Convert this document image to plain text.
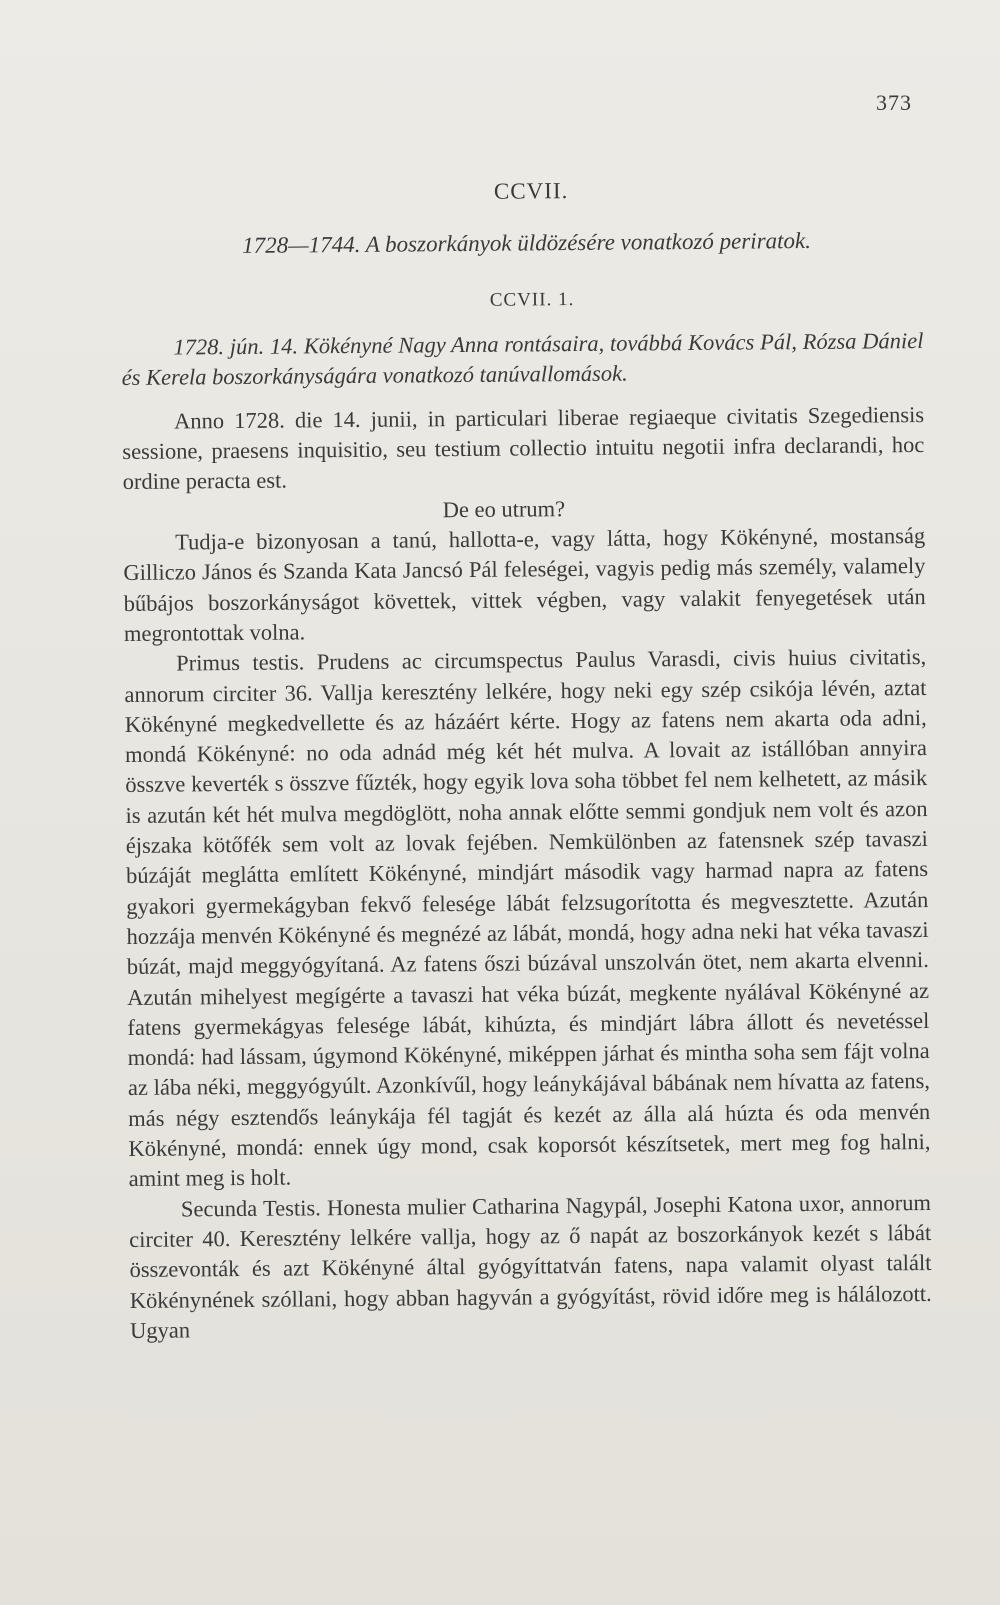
373
CCVII.
1728—1744. A boszorkányok üldözésére vonatkozó periratok.
CCVII. 1.

1728. jún. 14. Kökényné Nagy Anna rontásaira, továbbá Kovács Pál, Rózsa Dániel és Kerela boszorkányságára vonatkozó tanúvallomások.

Anno 1728. die 14. junii, in particulari liberae regiaeque civitatis Szegediensis sessione, praesens inquisitio, seu testium collectio intuitu negotii infra declarandi, hoc ordine peracta est.

De eo utrum?

Tudja-e bizonyosan a tanú, hallotta-e, vagy látta, hogy Kökényné, mostanság Gilliczo János és Szanda Kata Jancsó Pál feleségei, vagyis pedig más személy, valamely bűbájos boszorkányságot követtek, vittek végben, vagy valakit fenyegetések után megrontottak volna.

Primus testis. Prudens ac circumspectus Paulus Varasdi, civis huius civitatis, annorum circiter 36. Vallja keresztény lelkére, hogy neki egy szép csikója lévén, aztat Kökényné megkedvellette és az házáért kérte. Hogy az fatens nem akarta oda adni, mondá Kökényné: no oda adnád még két hét mulva. A lovait az istállóban annyira összve keverték s összve fűzték, hogy egyik lova soha többet fel nem kelhetett, az másik is azután két hét mulva megdöglött, noha annak előtte semmi gondjuk nem volt és azon éjszaka kötőfék sem volt az lovak fejében. Nemkülönben az fatensnek szép tavaszi búzáját meglátta említett Kökényné, mindjárt második vagy harmad napra az fatens gyakori gyermekágyban fekvő felesége lábát felzsugorította és megvesztette. Azután hozzája menvén Kökényné és megnézé az lábát, mondá, hogy adna neki hat véka tavaszi búzát, majd meggyógyítaná. Az fatens őszi búzával unszolván ötet, nem akarta elvenni. Azután mihelyest megígérte a tavaszi hat véka búzát, megkente nyálával Kökényné az fatens gyermekágyas felesége lábát, kihúzta, és mindjárt lábra állott és nevetéssel mondá: had lássam, úgymond Kökényné, miképpen járhat és mintha soha sem fájt volna az lába néki, meggyógyúlt. Azonkívűl, hogy leánykájával bábának nem hívatta az fatens, más négy esztendős leánykája fél tagját és kezét az álla alá húzta és oda menvén Kökényné, mondá: ennek úgy mond, csak koporsót készítsetek, mert meg fog halni, amint meg is holt.

Secunda Testis. Honesta mulier Catharina Nagypál, Josephi Katona uxor, annorum circiter 40. Keresztény lelkére vallja, hogy az ő napát az boszorkányok kezét s lábát összevonták és azt Kökényné által gyógyíttatván fatens, napa valamit olyast talált Kökénynének szóllani, hogy abban hagyván a gyógyítást, rövid időre meg is hálálozott. Ugyan
